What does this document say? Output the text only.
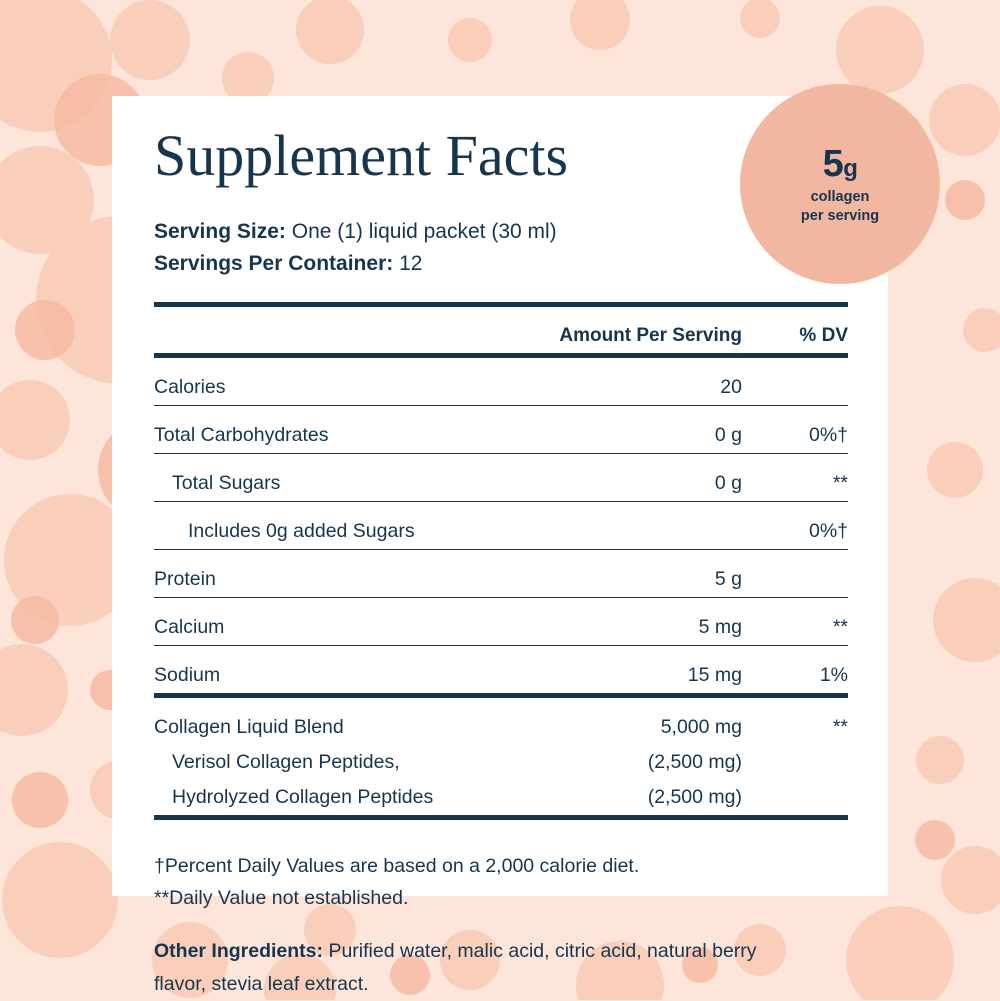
Supplement Facts
Serving Size: One (1) liquid packet (30 ml)
Servings Per Container: 12

	Amount Per Serving	% DV

Calories	20	

Total Carbohydrates	0 g	0%†

Total Sugars	0 g	**

Includes 0g added Sugars		0%†

Protein	5 g	

Calcium	5 mg	**

Sodium	15 mg	1%

Collagen Liquid Blend	5,000 mg	**
Verisol Collagen Peptides,	(2,500 mg)	
Hydrolyzed Collagen Peptides	(2,500 mg)	

†Percent Daily Values are based on a 2,000 calorie diet.
**Daily Value not established.
Other Ingredients: Purified water, malic acid, citric acid, natural berry flavor, stevia leaf extract.
5g
collagen
per serving
